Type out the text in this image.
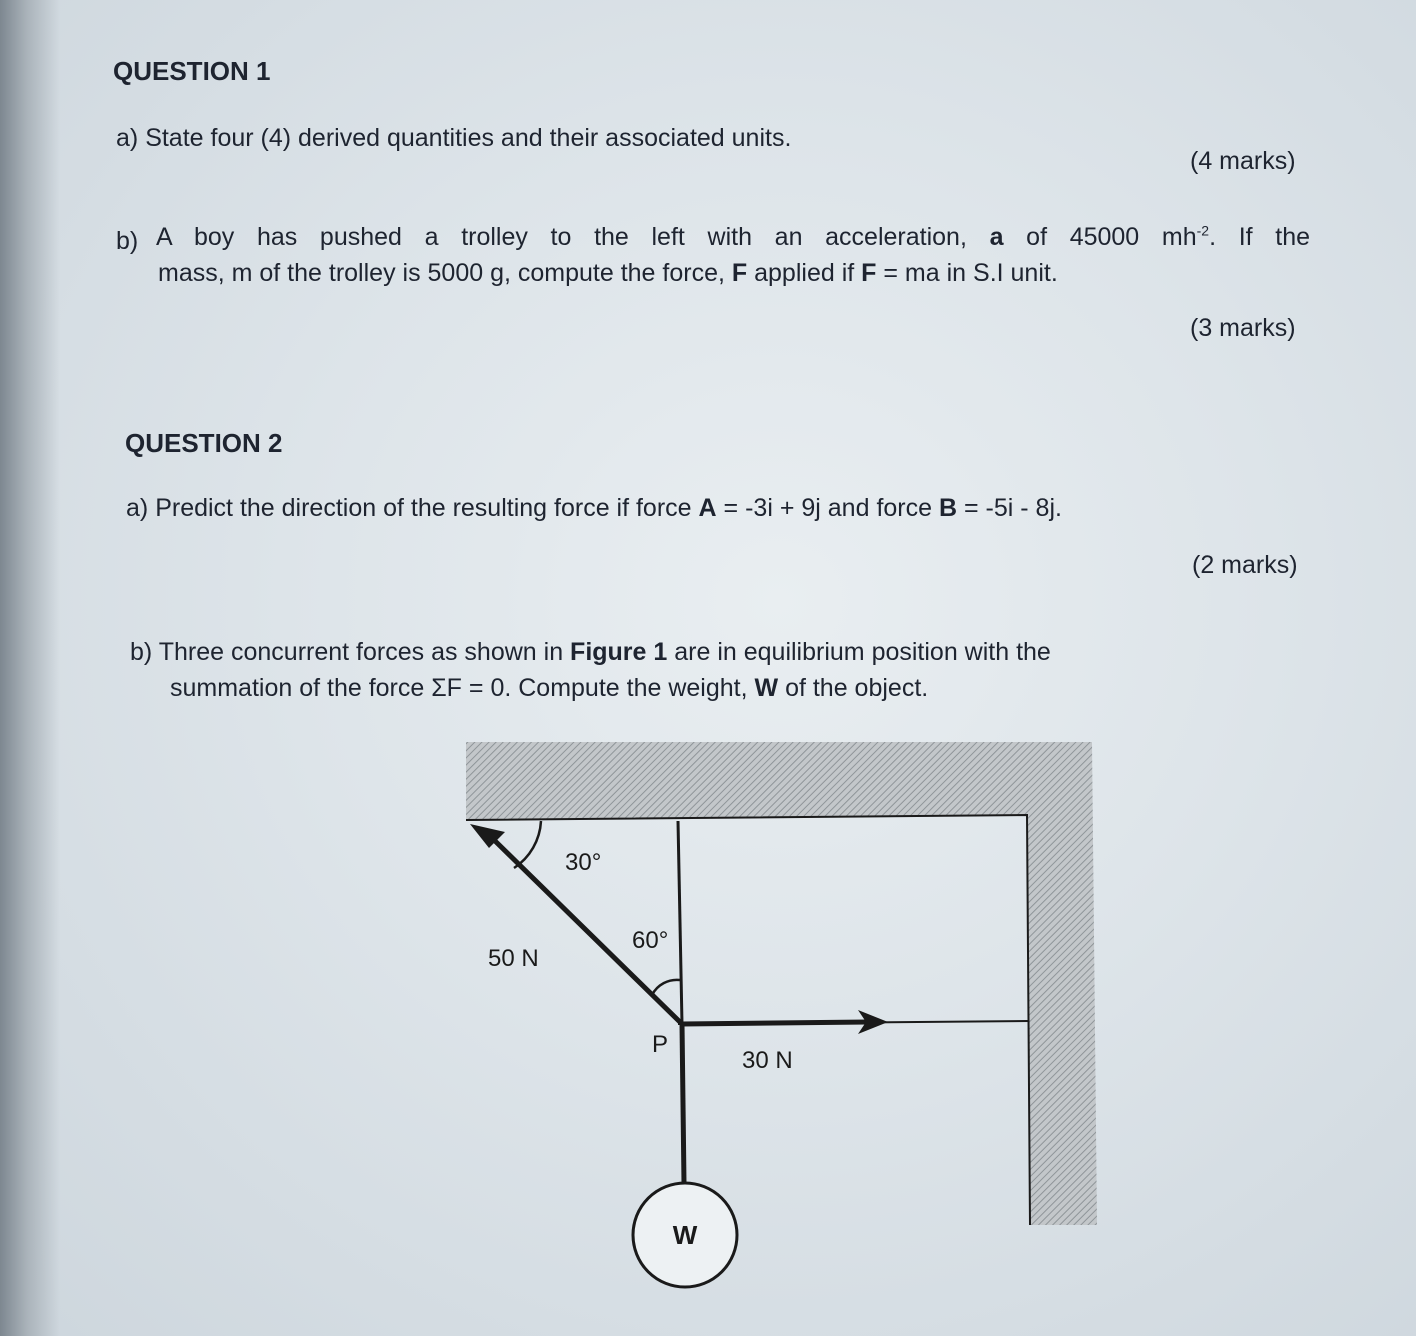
QUESTION 1
a) State four (4) derived quantities and their associated units.
(4 marks)
b) A boy has pushed a trolley to the left with an acceleration, a of 45000 $mh^{-2}$. If the
mass, m of the trolley is 5000 g, compute the force, F applied if F = ma in S.I unit.
(3 marks)
QUESTION 2
a) Predict the direction of the resulting force if force A = -3i + 9j and force B = -5i - 8j.
(2 marks)
b) Three concurrent forces as shown in Figure 1 are in equilibrium position with the
summation of the force ΣF = 0. Compute the weight, W of the object.
30°
60°
50 N
30 N
P
W
